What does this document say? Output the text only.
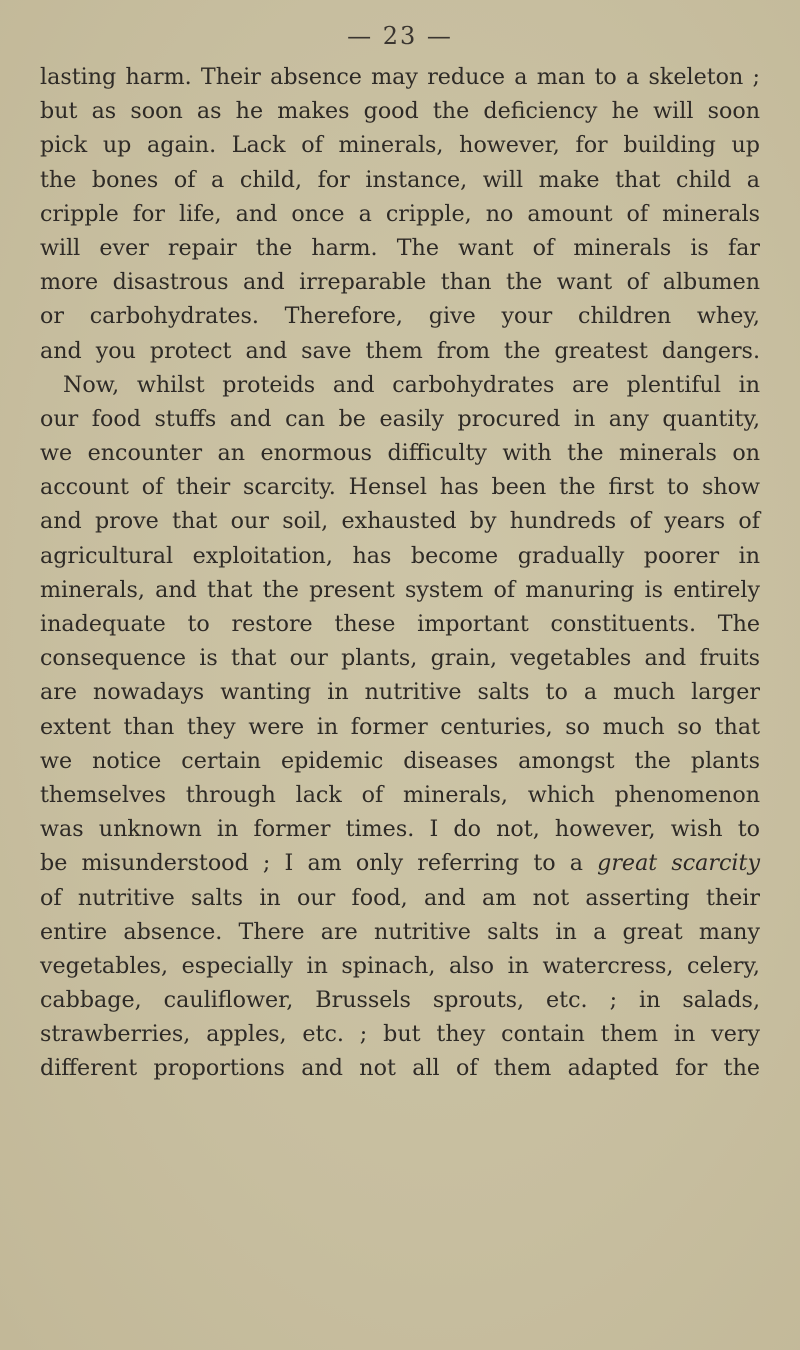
— 23 —
lasting harm. Their absence may reduce a man to a skeleton ;
but as soon as he makes good the deficiency he will soon
pick up again. Lack of minerals, however, for building up
the bones of a child, for instance, will make that child a
cripple for life, and once a cripple, no amount of minerals
will ever repair the harm. The want of minerals is far
more disastrous and irreparable than the want of albumen
or carbohydrates. Therefore, give your children whey,
and you protect and save them from the greatest dangers.
Now, whilst proteids and carbohydrates are plentiful in
our food stuffs and can be easily procured in any quantity,
we encounter an enormous difficulty with the minerals on
account of their scarcity. Hensel has been the first to show
and prove that our soil, exhausted by hundreds of years of
agricultural exploitation, has become gradually poorer in
minerals, and that the present system of manuring is entirely
inadequate to restore these important constituents. The
consequence is that our plants, grain, vegetables and fruits
are nowadays wanting in nutritive salts to a much larger
extent than they were in former centuries, so much so that
we notice certain epidemic diseases amongst the plants
themselves through lack of minerals, which phenomenon
was unknown in former times. I do not, however, wish to
be misunderstood ; I am only referring to a great scarcity
of nutritive salts in our food, and am not asserting their
entire absence. There are nutritive salts in a great many
vegetables, especially in spinach, also in watercress, celery,
cabbage, cauliflower, Brussels sprouts, etc. ; in salads,
strawberries, apples, etc. ; but they contain them in very
different proportions and not all of them adapted for the
